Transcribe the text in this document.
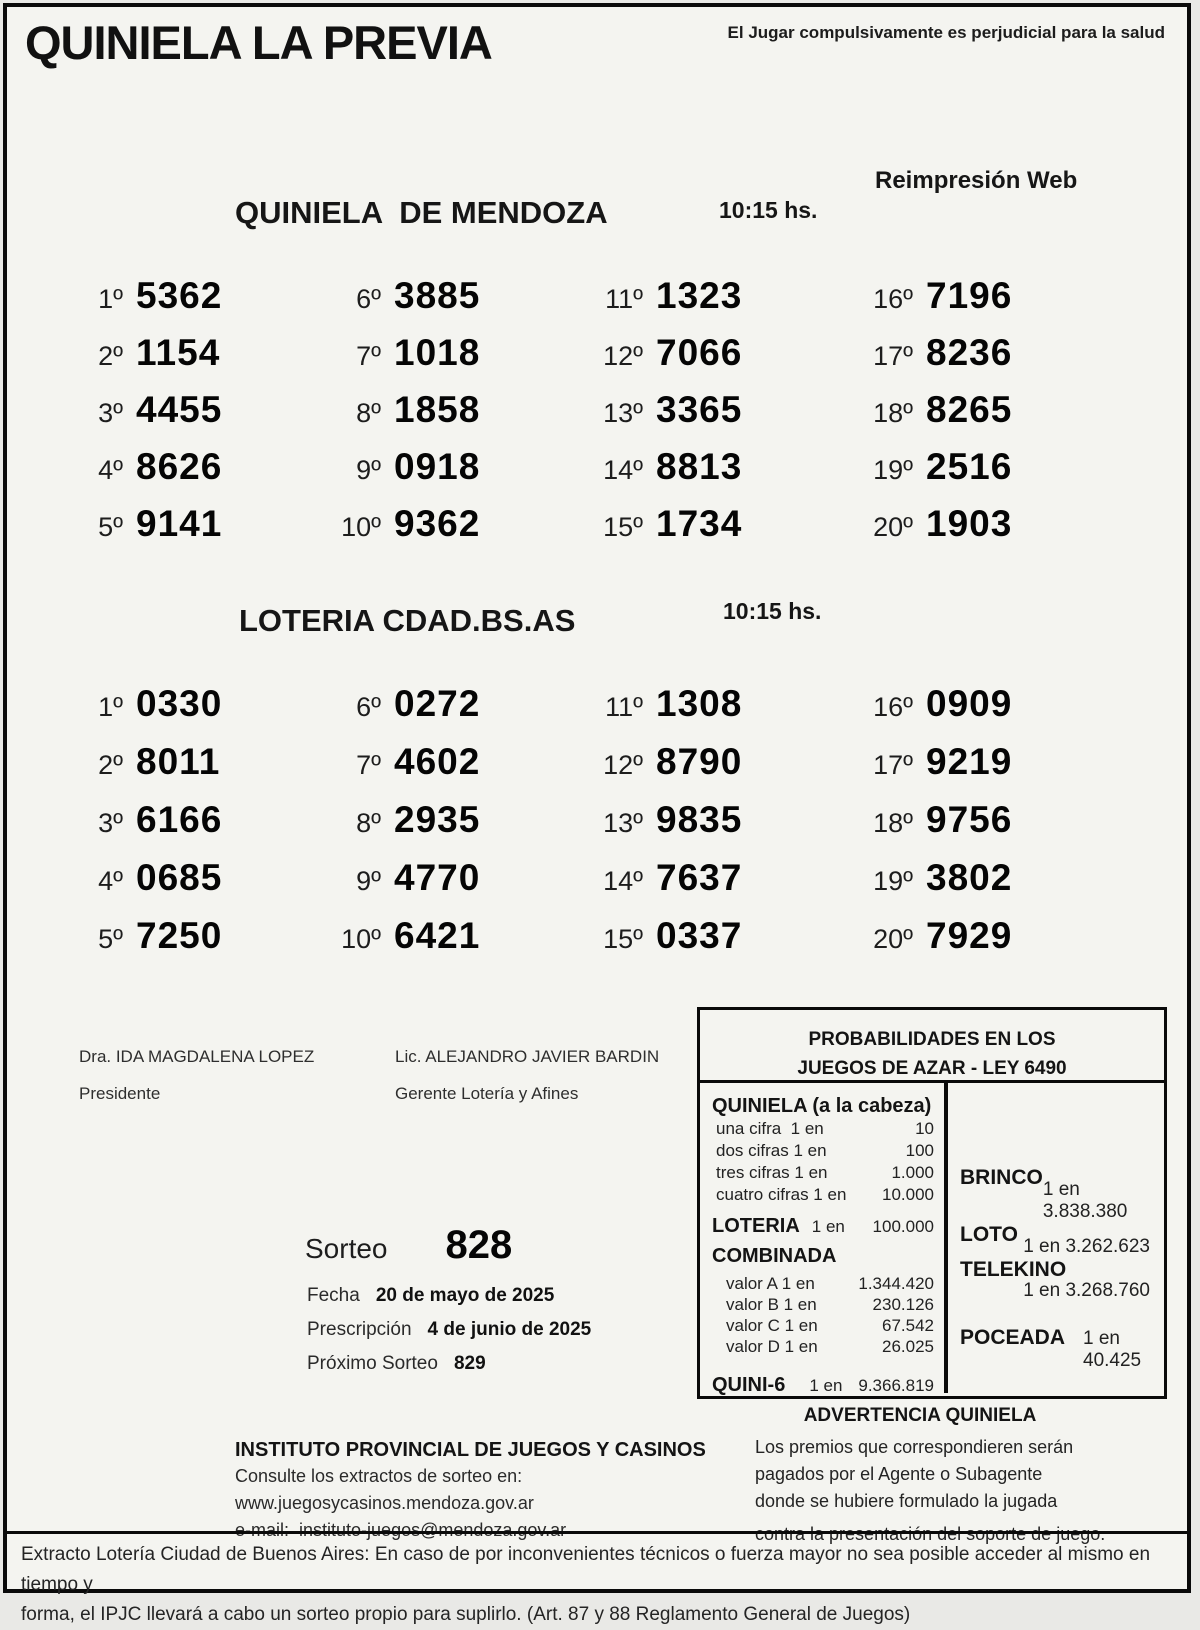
QUINIELA LA PREVIA	El Jugar compulsivamente es perjudicial para la salud
QUINIELA  DE MENDOZA	10:15 hs.
Reimpresión Web
1º 5362
2º 1154
3º 4455
4º 8626
5º 9141
6º 3885
7º 1018
8º 1858
9º 0918
10º 9362
11º 1323
12º 7066
13º 3365
14º 8813
15º 1734
16º 7196
17º 8236
18º 8265
19º 2516
20º 1903
LOTERIA CDAD.BS.AS	10:15 hs.
1º 0330
2º 8011
3º 6166
4º 0685
5º 7250
6º 0272
7º 4602
8º 2935
9º 4770
10º 6421
11º 1308
12º 8790
13º 9835
14º 7637
15º 0337
16º 0909
17º 9219
18º 9756
19º 3802
20º 7929
Dra. IDA MAGDALENA LOPEZ
Presidente
Lic. ALEJANDRO JAVIER BARDIN
Gerente Lotería y Afines
Sorteo 828
Fecha 20 de mayo de 2025
Prescripción 4 de junio de 2025
Próximo Sorteo 829
PROBABILIDADES EN LOS
JUEGOS DE AZAR - LEY 6490
QUINIELA (a la cabeza)
una cifra  1 en	10
dos cifras 1 en	100
tres cifras 1 en	1.000
cuatro cifras 1 en 10.000
LOTERIA 1 en 100.000
COMBINADA
valor A 1 en	1.344.420
valor B 1 en	230.126
valor C 1 en	67.542
valor D 1 en	26.025
QUINI-6 1 en 9.366.819
BRINCO
1 en 3.838.380
LOTO
1 en 3.262.623
TELEKINO
1 en 3.268.760
POCEADA 1 en 40.425
ADVERTENCIA QUINIELA
Los premios que correspondieren serán
pagados por el Agente o Subagente
donde se hubiere formulado la jugada
contra la presentación del soporte de juego.
INSTITUTO PROVINCIAL DE JUEGOS Y CASINOS
Consulte los extractos de sorteo en:
www.juegosycasinos.mendoza.gov.ar
e-mail: instituto-juegos@mendoza.gov.ar
Extracto Lotería Ciudad de Buenos Aires: En caso de por inconvenientes técnicos o fuerza mayor no sea posible acceder al mismo en tiempo y
forma, el IPJC llevará a cabo un sorteo propio para suplirlo. (Art. 87 y 88 Reglamento General de Juegos)
